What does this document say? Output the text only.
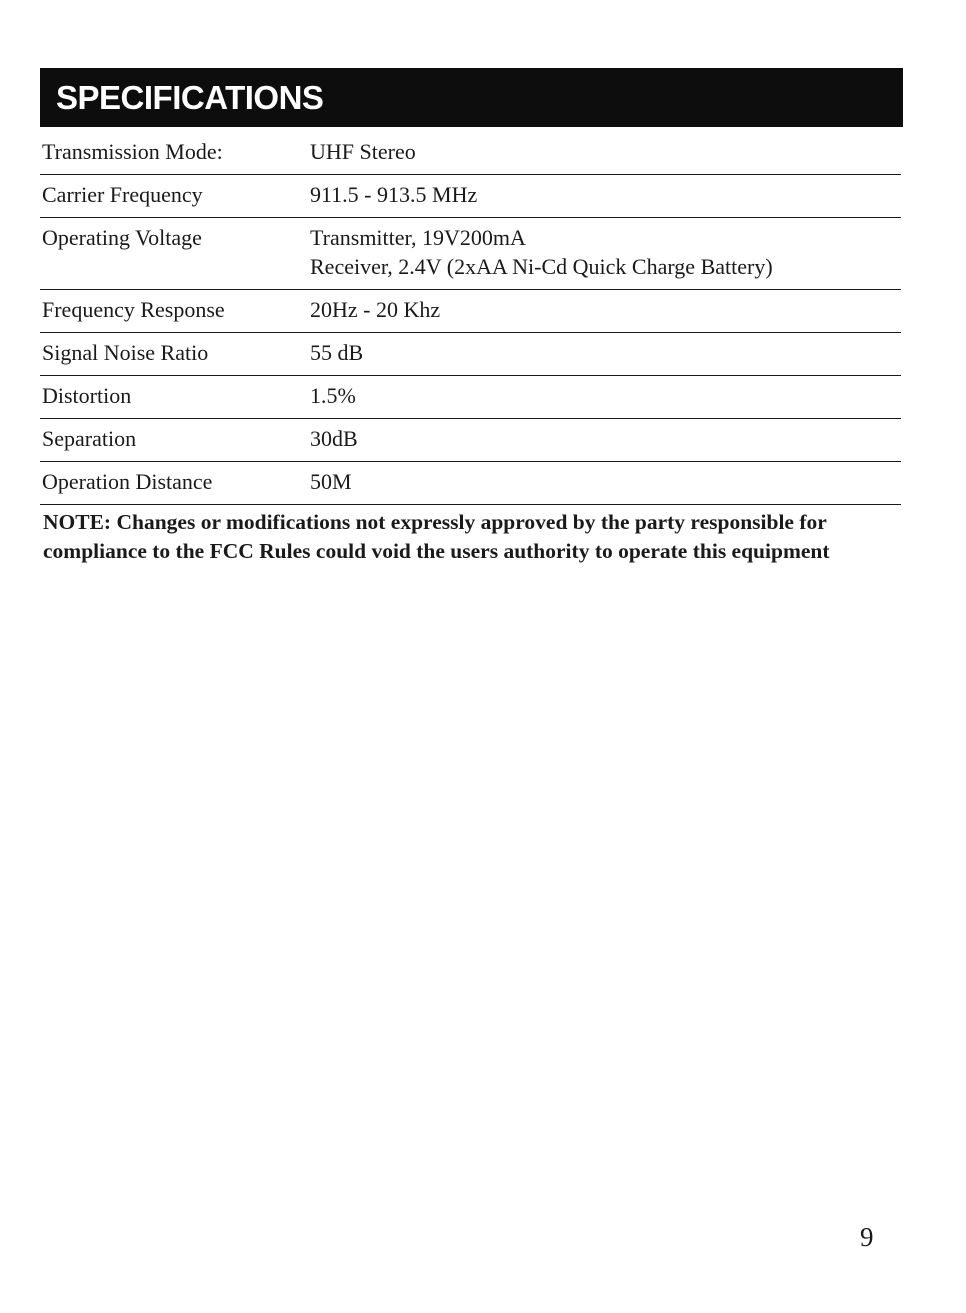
SPECIFICATIONS
Transmission Mode:	UHF Stereo
Carrier Frequency	911.5 - 913.5 MHz
Operating Voltage	Transmitter, 19V200mA
Receiver, 2.4V (2xAA Ni-Cd Quick Charge Battery)
Frequency Response	20Hz - 20 Khz
Signal Noise Ratio	55 dB
Distortion	1.5%
Separation	30dB
Operation Distance	50M
NOTE: Changes or modifications not expressly approved by the party responsible for compliance to the FCC Rules could void the users authority to operate this equipment
9
